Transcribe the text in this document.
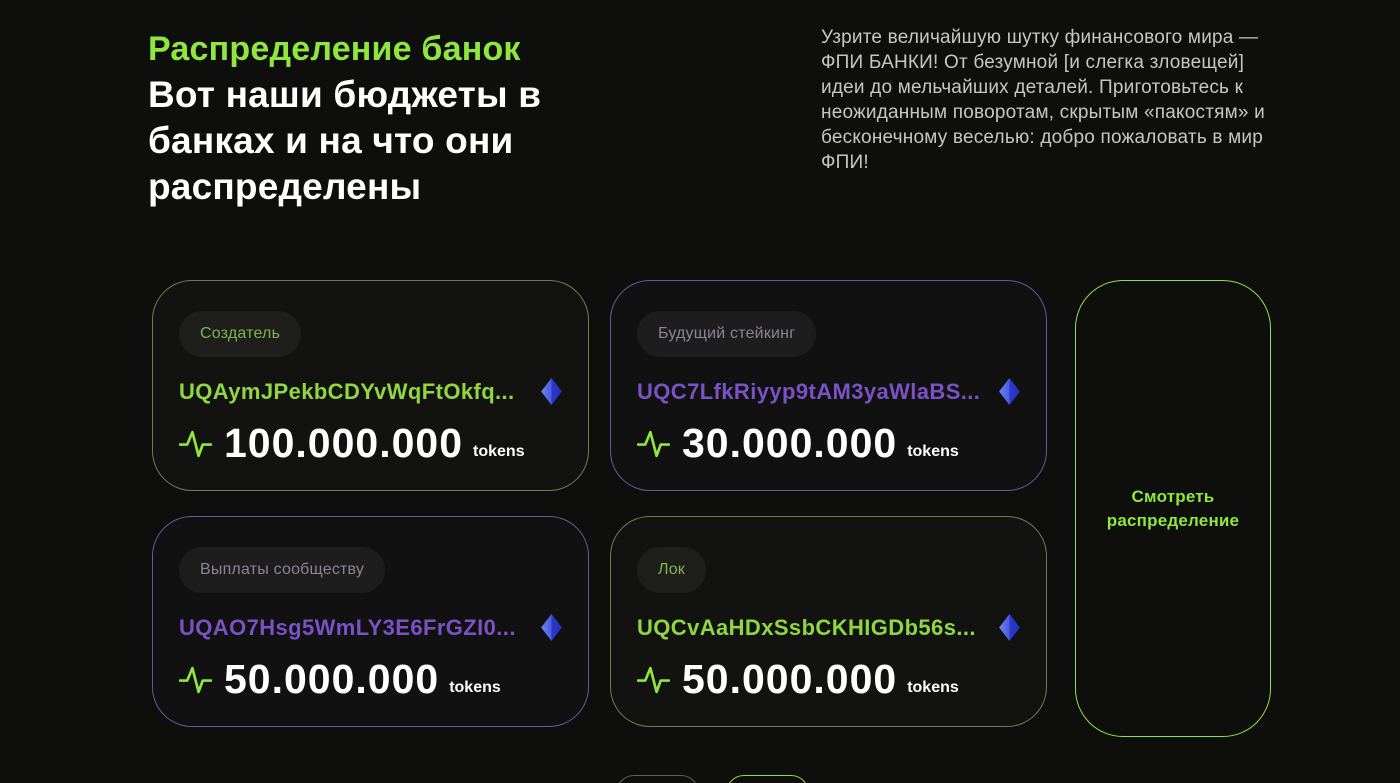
Распределение банок
Вот наши бюджеты в банках и на что они распределены
Узрите величайшую шутку финансового мира — ФПИ БАНКИ! От безумной [и слегка зловещей] идеи до мельчайших деталей. Приготовьтесь к неожиданным поворотам, скрытым «пакостям» и бесконечному веселью: добро пожаловать в мир ФПИ!
Создатель
UQAymJPekbCDYvWqFtOkfq...
100.000.000 tokens
Будущий стейкинг
UQC7LfkRiyyp9tAM3yaWlaBS...
30.000.000 tokens
Выплаты сообществу
UQAO7Hsg5WmLY3E6FrGZI0...
50.000.000 tokens
Лок
UQCvAaHDxSsbCKHIGDb56s...
50.000.000 tokens
Смотреть распределение
